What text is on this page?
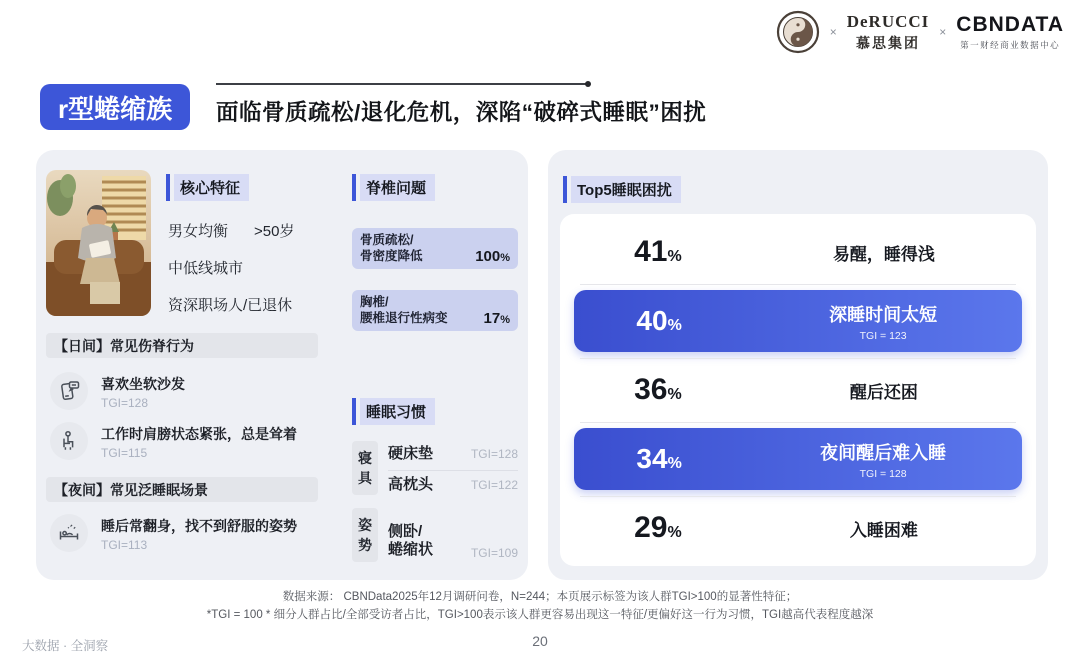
×
DeRUCCI
慕思集团
× CBNDATA
第一财经商业数据中心
r型蜷缩族	面临骨质疏松/退化危机，深陷“破碎式睡眠”困扰
核心特征
男女均衡 >50岁
中低线城市
资深职场人/已退休
【日间】常见伤脊行为
喜欢坐软沙发
TGI=128
工作时肩膀状态紧张，总是耸着
TGI=115
【夜间】常见泛睡眠场景
睡后常翻身，找不到舒服的姿势
TGI=113
脊椎问题
骨质疏松/
骨密度降低	100%
胸椎/
腰椎退行性病变 17%
睡眠习惯
寝具
硬床垫	TGI=128
高枕头	TGI=122
姿势
侧卧/
蜷缩状	TGI=109
Top5睡眠困扰
41%	易醒，睡得浅
40%
深睡时间太短
TGI = 123
36%	醒后还困
34%
夜间醒后难入睡
TGI = 128
29%	入睡困难
数据来源： CBNData2025年12月调研问卷，N=244；本页展示标签为该人群TGI>100的显著性特征；
*TGI = 100 * 细分人群占比/全部受访者占比，TGI>100表示该人群更容易出现这一特征/更偏好这一行为习惯，TGI越高代表程度越深
大数据 · 全洞察	20
